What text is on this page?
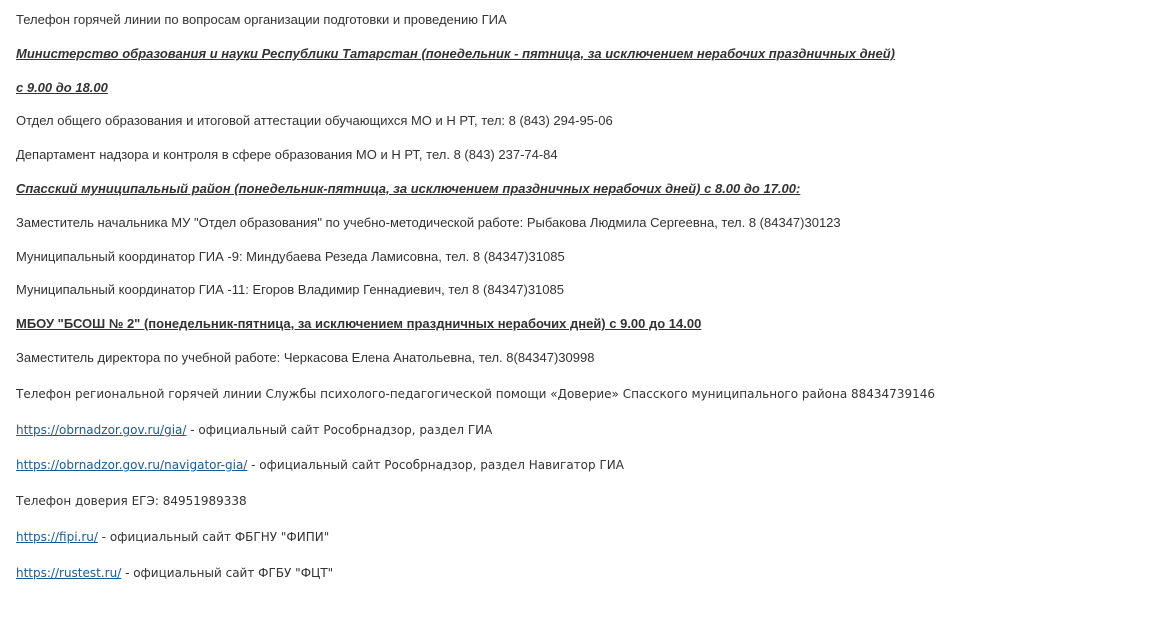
Телефон горячей линии по вопросам организации подготовки и проведению ГИА
Министерство образования и науки Республики Татарстан (понедельник - пятница, за исключением нерабочих праздничных дней)
с 9.00 до 18.00
Отдел общего образования и итоговой аттестации обучающихся МО и Н РТ, тел: 8 (843) 294-95-06
Департамент надзора и контроля в сфере образования МО и Н РТ, тел. 8 (843) 237-74-84
Спасский муниципальный район (понедельник-пятница, за исключением праздничных нерабочих дней) с 8.00 до 17.00:
Заместитель начальника МУ "Отдел образования" по учебно-методической работе: Рыбакова Людмила Сергеевна, тел. 8 (84347)30123
Муниципальный координатор ГИА -9: Миндубаева Резеда Ламисовна, тел. 8 (84347)31085
Муниципальный координатор ГИА -11: Егоров Владимир Геннадиевич, тел 8 (84347)31085
МБОУ "БСОШ № 2" (понедельник-пятница, за исключением праздничных нерабочих дней) с 9.00 до 14.00
Заместитель директора по учебной работе: Черкасова Елена Анатольевна, тел. 8(84347)30998
Телефон региональной горячей линии Службы психолого-педагогической помощи «Доверие» Спасского муниципального района 88434739146
https://obrnadzor.gov.ru/gia/ - официальный сайт Рособрнадзор, раздел ГИА
https://obrnadzor.gov.ru/navigator-gia/ - официальный сайт Рособрнадзор, раздел Навигатор ГИА
Телефон доверия ЕГЭ: 84951989338
https://fipi.ru/ - официальный сайт ФБГНУ "ФИПИ"
https://rustest.ru/ - официальный сайт ФГБУ "ФЦТ"
